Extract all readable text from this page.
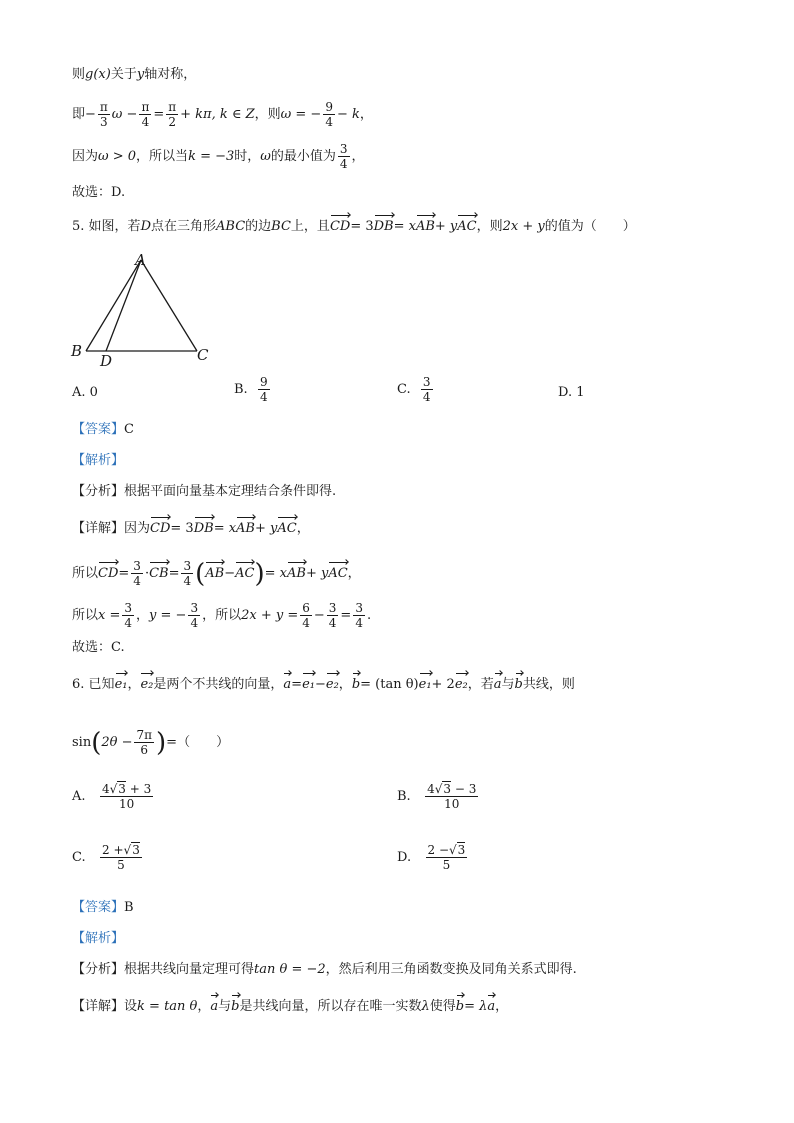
则 g(x) 关于 y 轴对称，
即− $\frac{\pi}{3}$ $\omega - \frac{\pi}{4} = \frac{\pi}{2} + k\pi$, k ∈ Z ，则 ω = − $\frac{9}{4} - k$ ，
因为 ω > 0 ，所以当 k = −3 时， ω 的最小值为 $\frac{3}{4}$ ，
故选：D.
5.
如图，若 D 点在三角形 ABC 的边 BC 上，且 CD = 3 DB = x AB + y AC ，则 2x + y 的值为（　　）
A
B
D	C
A.
0	B.
$\frac{9}{4}$	C.
$\frac{3}{4}$	D.
1
【答案】 C
【解析】
【分析】 根据平面向量基本定理结合条件即得.
【详解】 因为 CD = 3 DB = x AB + y AC ，
所以 CD = $\frac{3}{4}$ · CB = $\frac{3}{4}$ ( AB − AC ) = x AB + y AC ，
所以 $x = \frac{3}{4}$ ， y = − $\frac{3}{4}$ ，所以 $2x + y = \frac{6}{4} - \frac{3}{4} = \frac{3}{4}$ .
故选：C.
6.
已知 e₁ ， e₂ 是两个不共线的向量， a = e₁ − e₂ ， b = (tan θ) e₁ + 2 e₂ ，若 a 与 b 共线，则
sin ( $2\theta - \frac{7\pi}{6}$ ) =（　　）
A.
$\frac{4√3 + 3}{10}$	B.
$\frac{4√3 - 3}{10}$
C.
$\frac{2 +√3}{5}$	D.
$\frac{2 -√3}{5}$
【答案】 B
【解析】
【分析】 根据共线向量定理可得 tan θ = −2 ，然后利用三角函数变换及同角关系式即得.
【详解】 设 k = tan θ ， a 与 b 是共线向量，所以存在唯一实数 λ 使得 b = λ a ，
